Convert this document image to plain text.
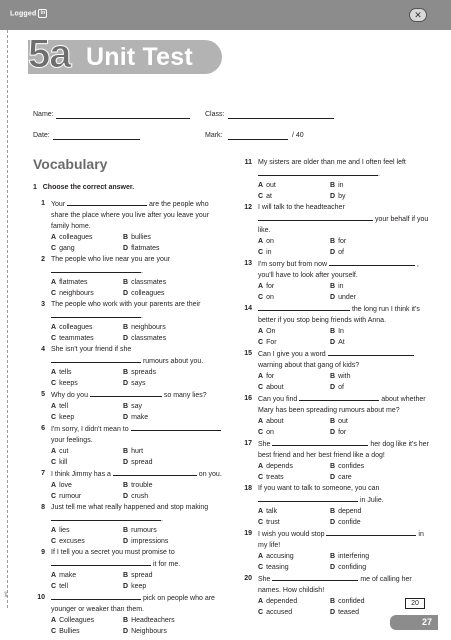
Logged in	✕
✂
5a Unit Test
Name:	Class:
Date:	Mark:	/ 40
Vocabulary
1 Choose the correct answer.
1 Your	are the people who share the place where you live after you leave your family home.
A colleagues	B bullies
C gang	D flatmates
2 The people who live near you are your .
A flatmates	B classmates
C neighbours	D colleagues
3 The people who work with your parents are their .
A colleagues	B neighbours
C teammates	D classmates
4 She isn't your friend if she  rumours about you.
A tells	B spreads
C keeps	D says
5 Why do you	so many lies?
A tell	B say
C keep	D make
6 I'm sorry, I didn't mean to  your feelings.
A cut	B hurt
C kill	D spread
7 I think Jimmy has a	on you.
A love	B trouble
C rumour	D crush
8 Just tell me what really happened and stop making .
A lies	B rumours
C excuses	D impressions
9 If I tell you a secret you must promise to  it for me.
A make	B spread
C tell	D keep
10	pick on people who are younger or weaker than them.
A Colleagues	B Headteachers
C Bullies	D Neighbours
11 My sisters are older than me and I often feel left .
A out	B in
C at	D by
12 I will talk to the headteacher  your behalf if you like.
A on	B for
C in	D of
13 I'm sorry but from now	, you'll have to look after yourself.
A for	B in
C on	D under
14	the long run I think it's better if you stop being friends with Anna.
A On	B In
C For	D At
15 Can I give you a word  warning about that gang of kids?
A for	B with
C about	D of
16 Can you find	about whether Mary has been spreading rumours about me?
A about	B out
C on	D for
17 She	her dog like it's her best friend and her best friend like a dog!
A depends	B confides
C treats	D care
18 If you want to talk to someone, you can  in Julie.
A talk	B depend
C trust	D confide
19 I wish you would stop	in my life!
A accusing	B interfering
C teasing	D confiding
20 She	me of calling her names. How childish!
A depended	B confided
C accused	D teased
20
27
